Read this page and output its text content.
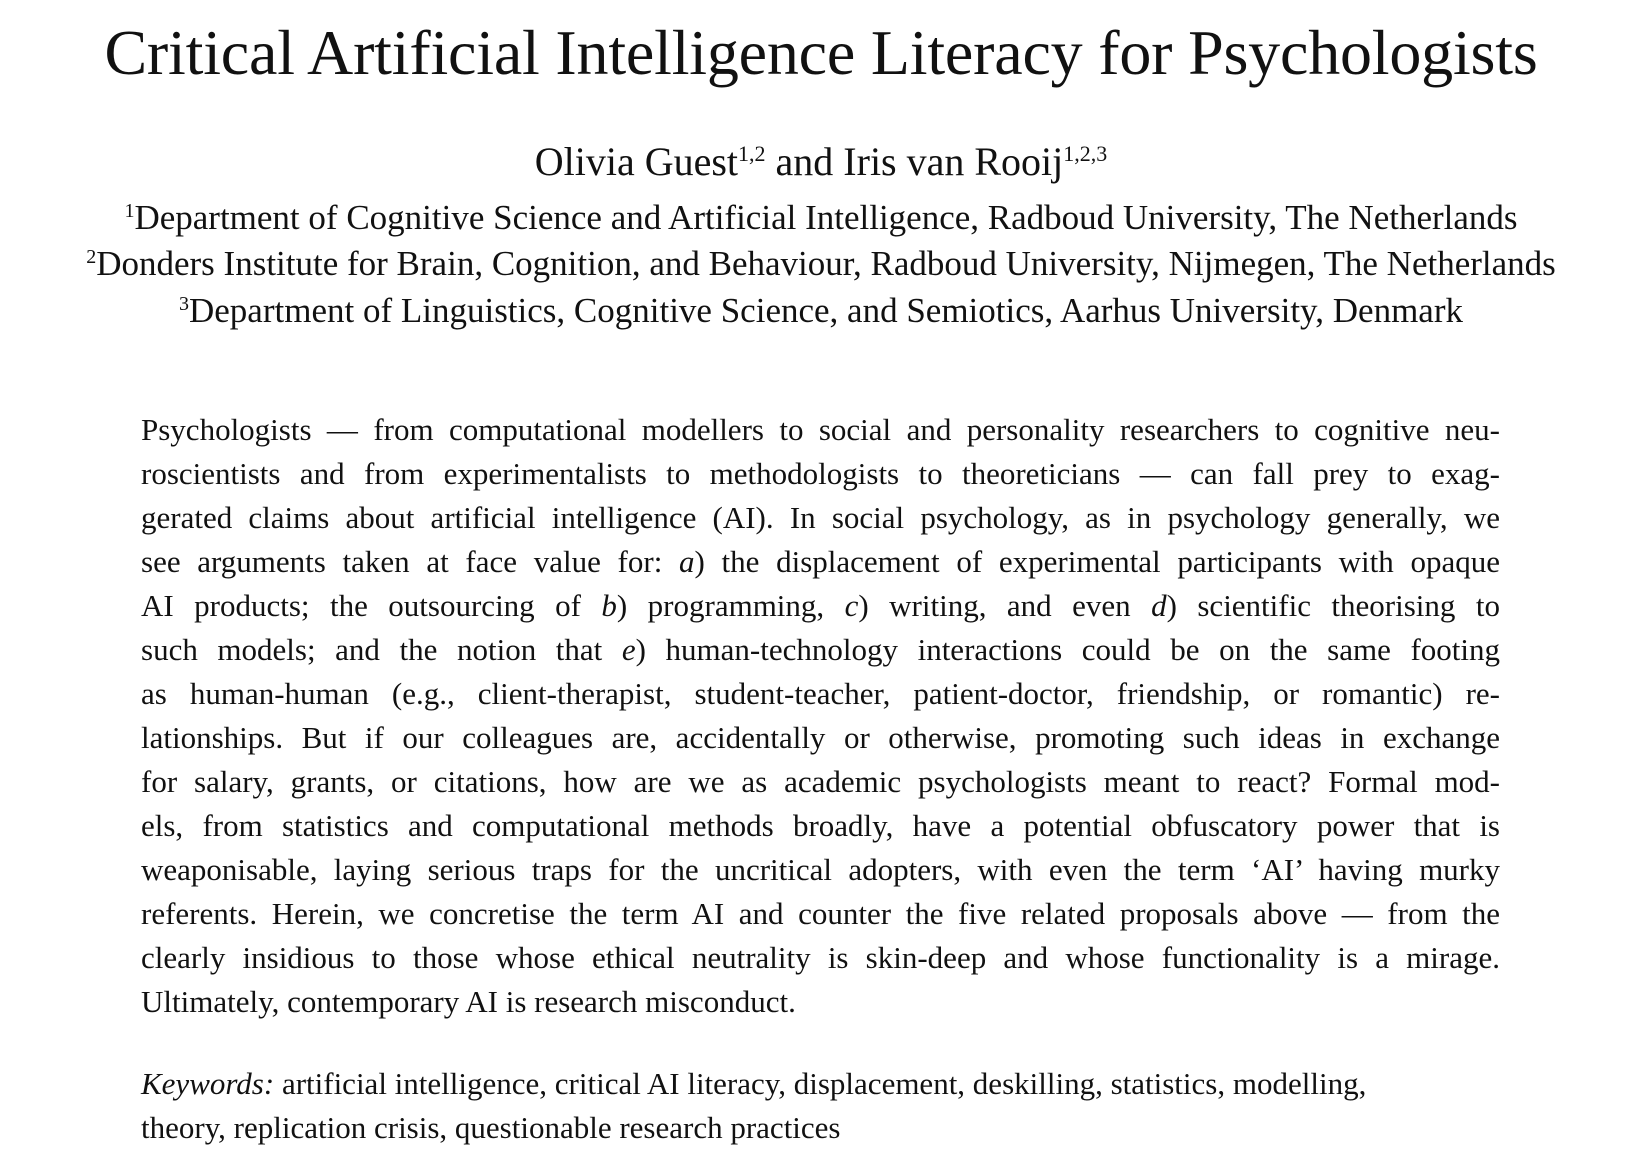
Critical Artificial Intelligence Literacy for Psychologists
Olivia Guest$^{1,2}$ and Iris van Rooij$^{1,2,3}$
$^1$Department of Cognitive Science and Artificial Intelligence, Radboud University, The Netherlands
$^2$Donders Institute for Brain, Cognition, and Behaviour, Radboud University, Nijmegen, The Netherlands
$^3$Department of Linguistics, Cognitive Science, and Semiotics, Aarhus University, Denmark
Psychologists — from computational modellers to social and personality researchers to cognitive neu-
roscientists and from experimentalists to methodologists to theoreticians — can fall prey to exag-
gerated claims about artificial intelligence (AI). In social psychology, as in psychology generally, we
see arguments taken at face value for: a) the displacement of experimental participants with opaque
AI products; the outsourcing of b) programming, c) writing, and even d) scientific theorising to
such models; and the notion that e) human-technology interactions could be on the same footing
as human-human (e.g., client-therapist, student-teacher, patient-doctor, friendship, or romantic) re-
lationships. But if our colleagues are, accidentally or otherwise, promoting such ideas in exchange
for salary, grants, or citations, how are we as academic psychologists meant to react? Formal mod-
els, from statistics and computational methods broadly, have a potential obfuscatory power that is
weaponisable, laying serious traps for the uncritical adopters, with even the term ‘AI’ having murky
referents. Herein, we concretise the term AI and counter the five related proposals above — from the
clearly insidious to those whose ethical neutrality is skin-deep and whose functionality is a mirage.
Ultimately, contemporary AI is research misconduct.
Keywords: artificial intelligence, critical AI literacy, displacement, deskilling, statistics, modelling,
theory, replication crisis, questionable research practices
